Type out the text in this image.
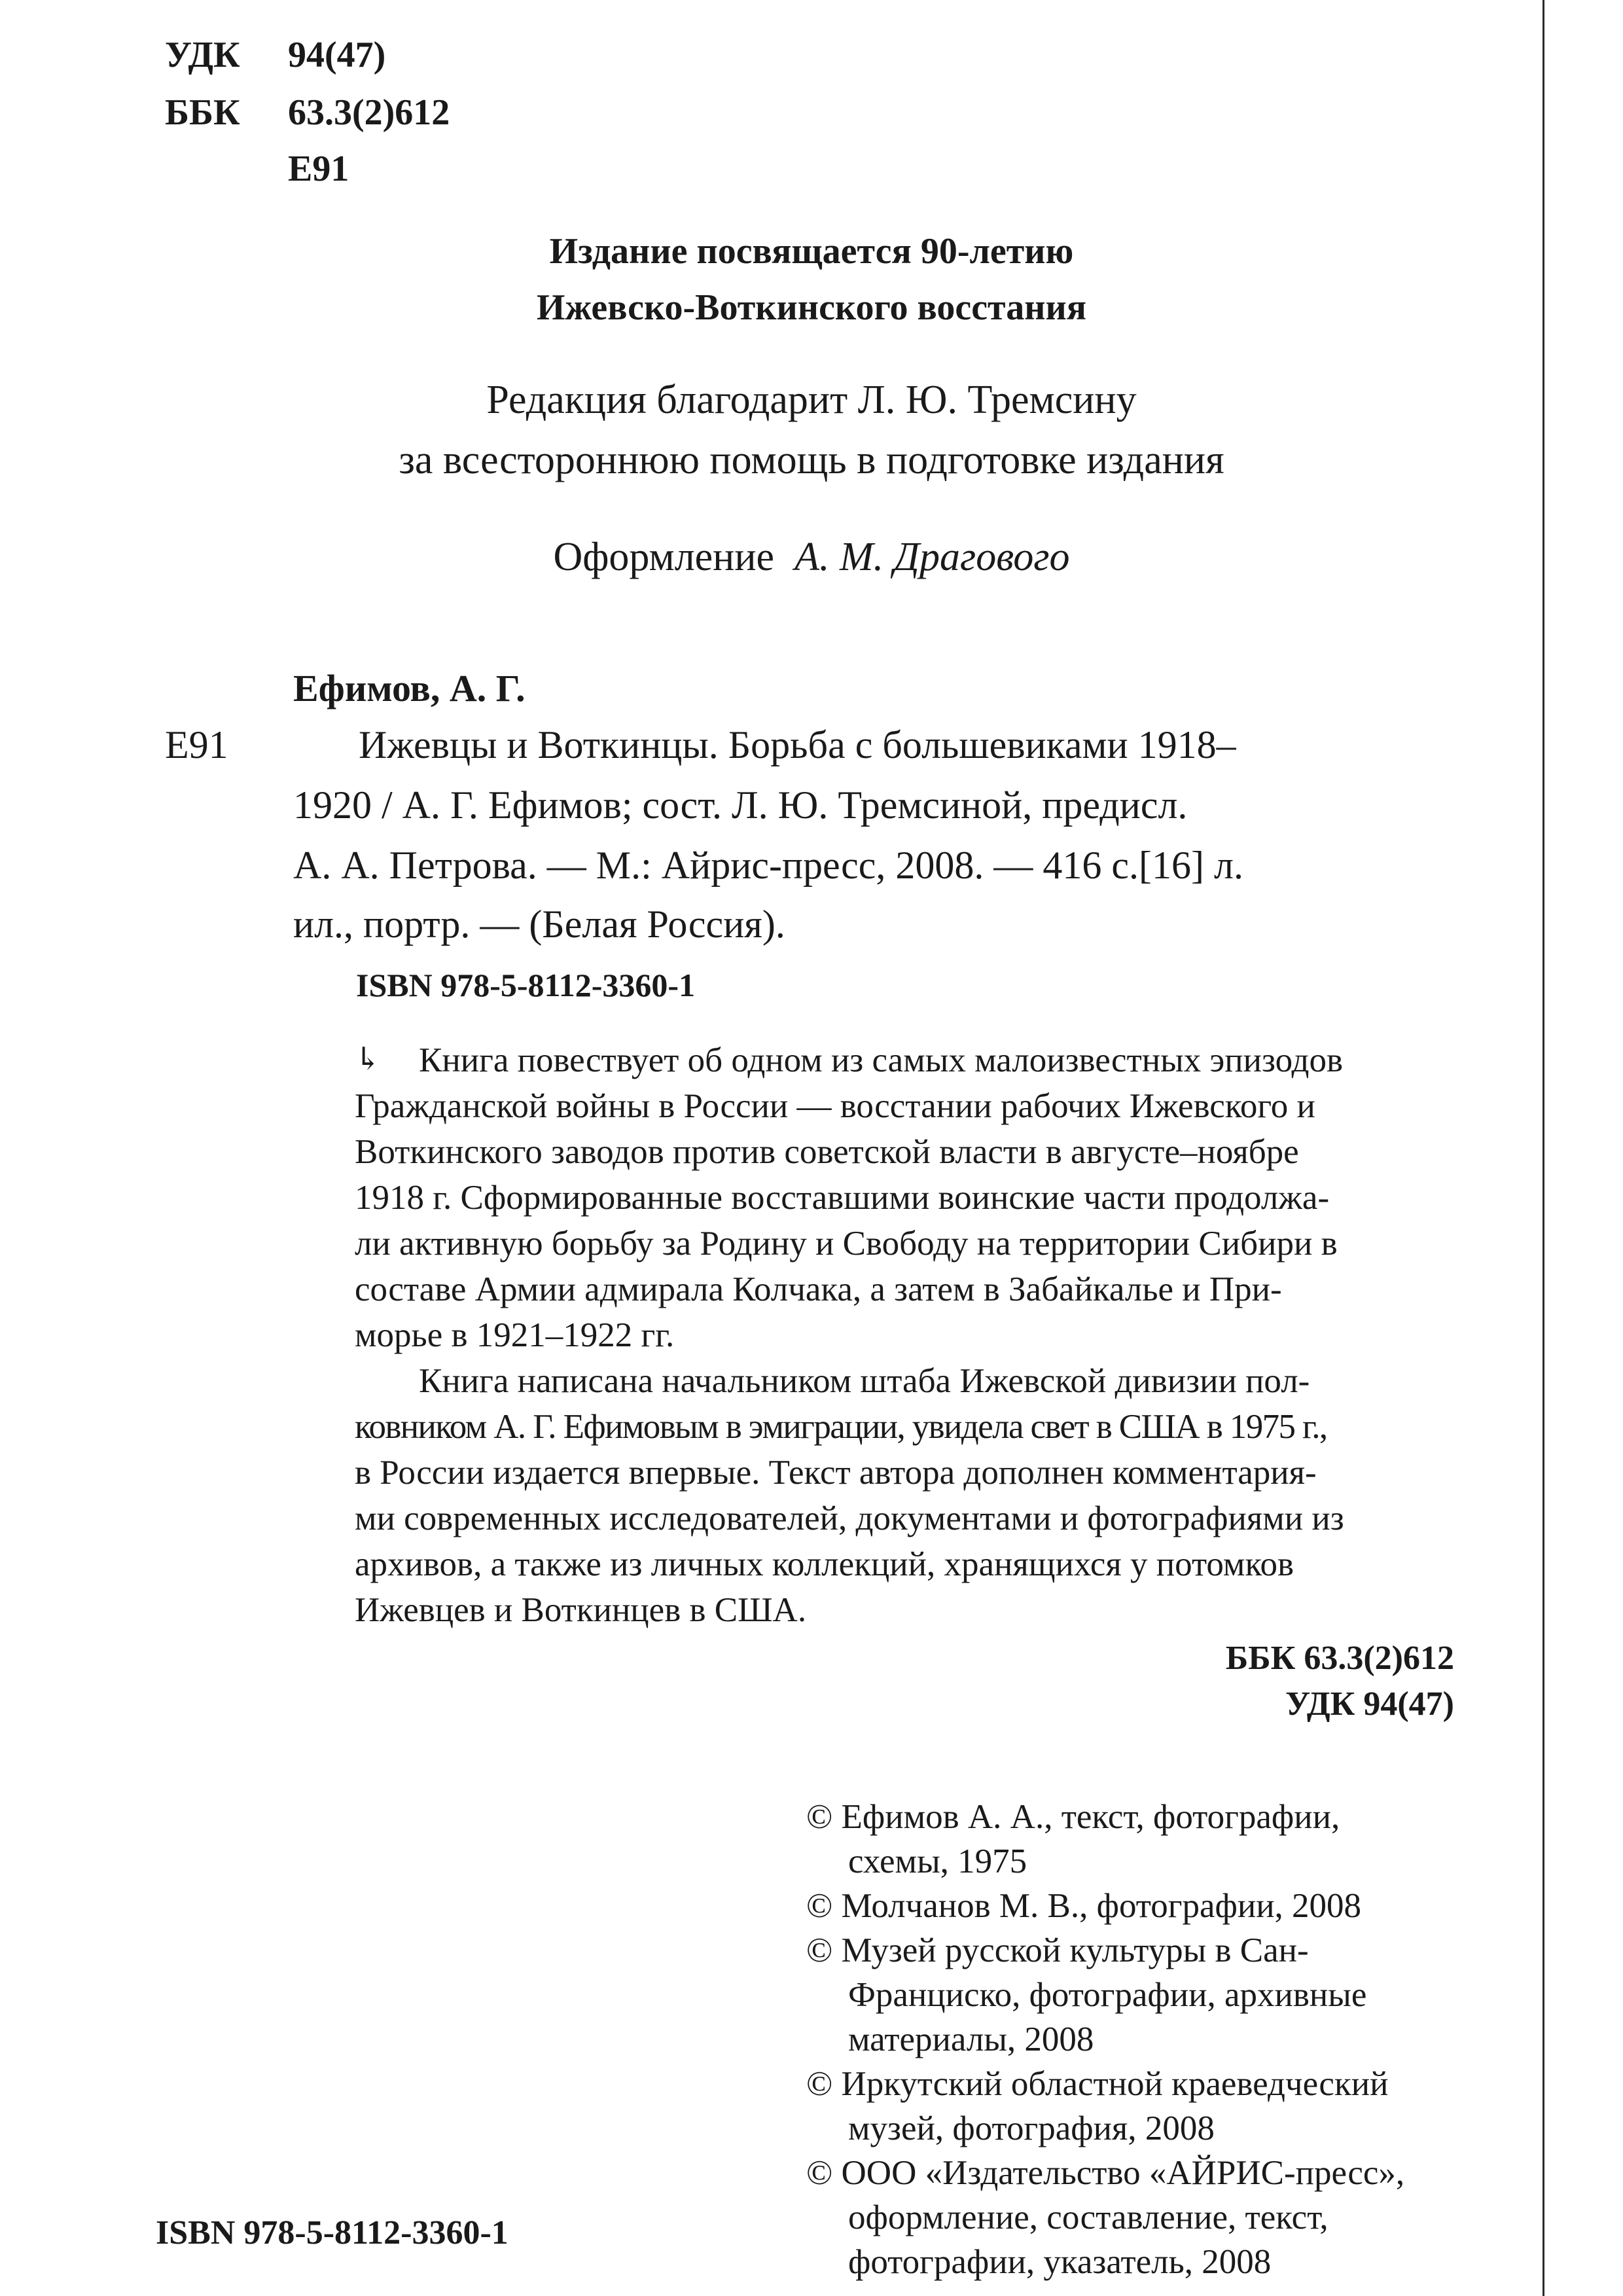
УДК 94(47)
ББК 63.3(2)612
Е91
Издание посвящается 90-летию
Ижевско-Воткинского восстания
Редакция благодарит Л. Ю. Тремсину
за всестороннюю помощь в подготовке издания
Оформление А. М. Драгового
Ефимов, А. Г.
Е91	Ижевцы и Воткинцы. Борьба с большевиками 1918–
1920 / А. Г. Ефимов; сост. Л. Ю. Тремсиной, предисл.
А. А. Петрова. — М.: Айрис-пресс, 2008. — 416 с.[16] л.
ил., портр. — (Белая Россия).
ISBN 978-5-8112-3360-1
↳ Книга повествует об одном из самых малоизвестных эпизодов
Гражданской войны в России — восстании рабочих Ижевского и
Воткинского заводов против советской власти в августе–ноябре
1918 г. Сформированные восставшими воинские части продолжа-
ли активную борьбу за Родину и Свободу на территории Сибири в
составе Армии адмирала Колчака, а затем в Забайкалье и При-
морье в 1921–1922 гг.
Книга написана начальником штаба Ижевской дивизии пол-
ковником А. Г. Ефимовым в эмиграции, увидела свет в США в 1975 г.,
в России издается впервые. Текст автора дополнен комментария-
ми современных исследователей, документами и фотографиями из
архивов, а также из личных коллекций, хранящихся у потомков
Ижевцев и Воткинцев в США.
ББК 63.3(2)612
УДК 94(47)
© Ефимов А. А., текст, фотографии,
схемы, 1975
© Молчанов М. В., фотографии, 2008
© Музей русской культуры в Сан-
Франциско, фотографии, архивные
материалы, 2008
© Иркутский областной краеведческий
музей, фотография, 2008
© ООО «Издательство «АЙРИС-пресс»,
оформление, составление, текст,
фотографии, указатель, 2008
ISBN 978-5-8112-3360-1
